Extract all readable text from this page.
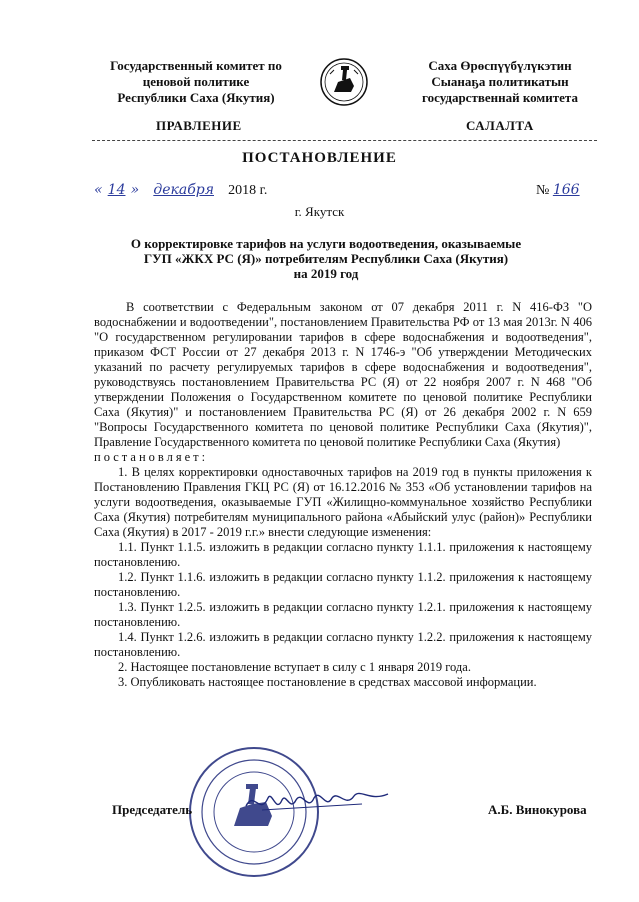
Государственный комитет по
ценовой политике
Республики Саха (Якутия)
Саха Өрөспүүбүлүкэтин
Сыанаҕа политикатын
государственнай комитета
ПРАВЛЕНИЕ	САЛАЛТА
ПОСТАНОВЛЕНИЕ
« 14 » декабря 2018 г.	№ 166
г. Якутск
О корректировке тарифов на услуги водоотведения, оказываемые
ГУП «ЖКХ РС (Я)» потребителям Республики Саха (Якутия)
на 2019 год

В соответствии с Федеральным законом от 07 декабря 2011 г. N 416-ФЗ "О водоснабжении и водоотведении", постановлением Правительства РФ от 13 мая 2013г. N 406 "О государственном регулировании тарифов в сфере водоснабжения и водоотведения", приказом ФСТ России от 27 декабря 2013 г. N 1746-э "Об утверждении Методических указаний по расчету регулируемых тарифов в сфере водоснабжения и водоотведения", руководствуясь постановлением Правительства РС (Я) от 22 ноября 2007 г. N 468 "Об утверждении Положения о Государственном комитете по ценовой политике Республики Саха (Якутия)" и постановлением Правительства РС (Я) от 26 декабря 2002 г. N 659 "Вопросы Государственного комитета по ценовой политике Республики Саха (Якутия)", Правление Государственного комитета по ценовой политике Республики Саха (Якутия)

постановляет:

1. В целях корректировки одноставочных тарифов на 2019 год в пункты приложения к Постановлению Правления ГКЦ РС (Я) от 16.12.2016 № 353 «Об установлении тарифов на услуги водоотведения, оказываемые ГУП «Жилищно-коммунальное хозяйство Республики Саха (Якутия) потребителям муниципального района «Абыйский улус (район)» Республики Саха (Якутия) в 2017 - 2019 г.г.» внести следующие изменения:

1.1. Пункт 1.1.5. изложить в редакции согласно пункту 1.1.1. приложения к настоящему постановлению.

1.2. Пункт 1.1.6. изложить в редакции согласно пункту 1.1.2. приложения к настоящему постановлению.

1.3. Пункт 1.2.5. изложить в редакции согласно пункту 1.2.1. приложения к настоящему постановлению.

1.4. Пункт 1.2.6. изложить в редакции согласно пункту 1.2.2. приложения к настоящему постановлению.

2. Настоящее постановление вступает в силу с 1 января 2019 года.

3. Опубликовать настоящее постановление в средствах массовой информации.

Председатель	А.Б. Винокурова
